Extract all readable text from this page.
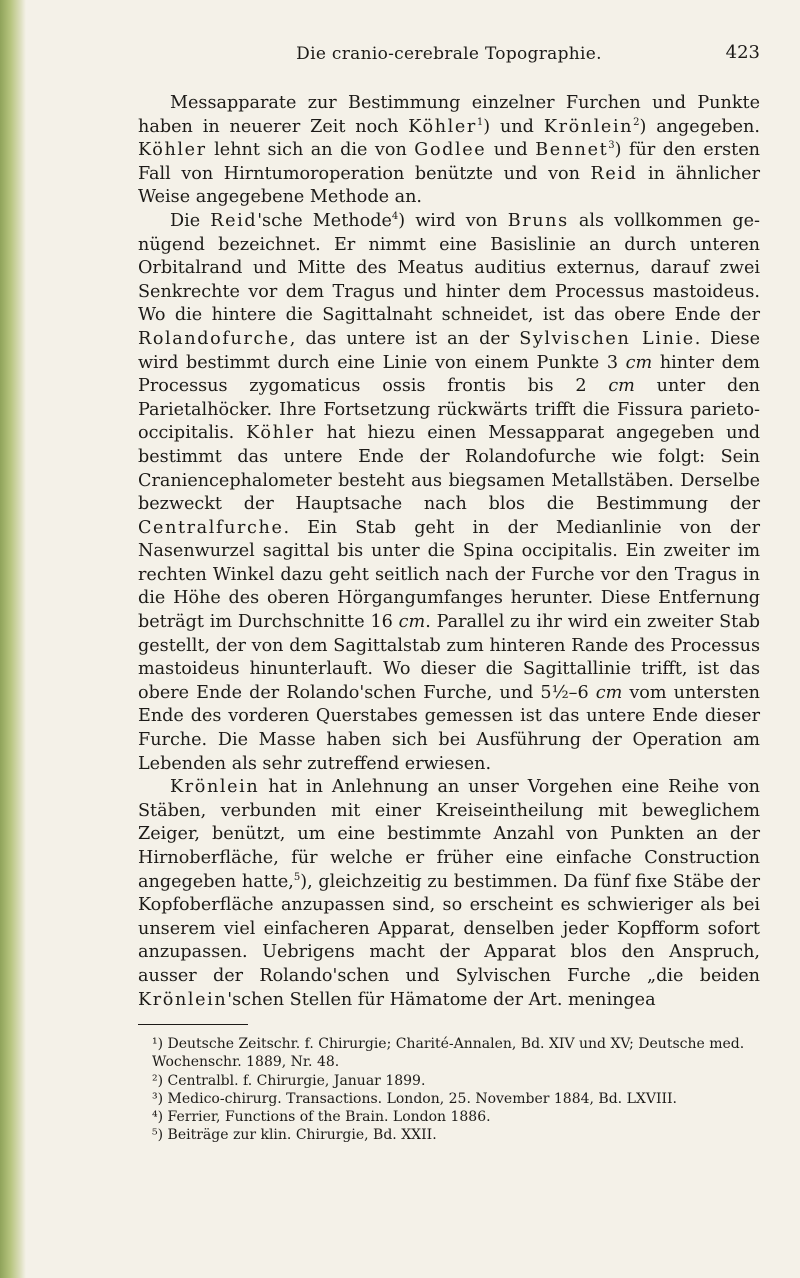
Die cranio-cerebrale Topographie.	423

Messapparate zur Bestimmung einzelner Furchen und Punkte haben in neuerer Zeit noch Köhler$^1$) und Krönlein$^2$) angegeben. Köhler lehnt sich an die von Godlee und Bennet$^3$) für den ersten Fall von Hirntumoroperation benützte und von Reid in ähnlicher Weise angegebene Methode an.

Die Reid'sche Methode$^4$) wird von Bruns als vollkommen genügend bezeichnet. Er nimmt eine Basislinie an durch unteren Orbitalrand und Mitte des Meatus auditius externus, darauf zwei Senkrechte vor dem Tragus und hinter dem Processus mastoideus. Wo die hintere die Sagittalnaht schneidet, ist das obere Ende der Rolandofurche, das untere ist an der Sylvischen Linie. Diese wird bestimmt durch eine Linie von einem Punkte 3 cm hinter dem Processus zygomaticus ossis frontis bis 2 cm unter den Parietalhöcker. Ihre Fortsetzung rückwärts trifft die Fissura parieto-occipitalis. Köhler hat hiezu einen Messapparat angegeben und bestimmt das untere Ende der Rolandofurche wie folgt: Sein Craniencephalometer besteht aus biegsamen Metallstäben. Derselbe bezweckt der Hauptsache nach blos die Bestimmung der Centralfurche. Ein Stab geht in der Medianlinie von der Nasenwurzel sagittal bis unter die Spina occipitalis. Ein zweiter im rechten Winkel dazu geht seitlich nach der Furche vor den Tragus in die Höhe des oberen Hörgangumfanges herunter. Diese Entfernung beträgt im Durchschnitte 16 cm. Parallel zu ihr wird ein zweiter Stab gestellt, der von dem Sagittalstab zum hinteren Rande des Processus mastoideus hinunterlauft. Wo dieser die Sagittallinie trifft, ist das obere Ende der Rolando'schen Furche, und 5½–6 cm vom untersten Ende des vorderen Querstabes gemessen ist das untere Ende dieser Furche. Die Masse haben sich bei Ausführung der Operation am Lebenden als sehr zutreffend erwiesen.

Krönlein hat in Anlehnung an unser Vorgehen eine Reihe von Stäben, verbunden mit einer Kreiseintheilung mit beweglichem Zeiger, benützt, um eine bestimmte Anzahl von Punkten an der Hirnoberfläche, für welche er früher eine einfache Construction angegeben hatte,$^5$), gleichzeitig zu bestimmen. Da fünf fixe Stäbe der Kopfoberfläche anzupassen sind, so erscheint es schwieriger als bei unserem viel einfacheren Apparat, denselben jeder Kopfform sofort anzupassen. Uebrigens macht der Apparat blos den Anspruch, ausser der Rolando'schen und Sylvischen Furche „die beiden Krönlein'schen Stellen für Hämatome der Art. meningea

¹) Deutsche Zeitschr. f. Chirurgie; Charité-Annalen, Bd. XIV und XV; Deutsche med. Wochenschr. 1889, Nr. 48.
²) Centralbl. f. Chirurgie, Januar 1899.
³) Medico-chirurg. Transactions. London, 25. November 1884, Bd. LXVIII.
⁴) Ferrier, Functions of the Brain. London 1886.
⁵) Beiträge zur klin. Chirurgie, Bd. XXII.
